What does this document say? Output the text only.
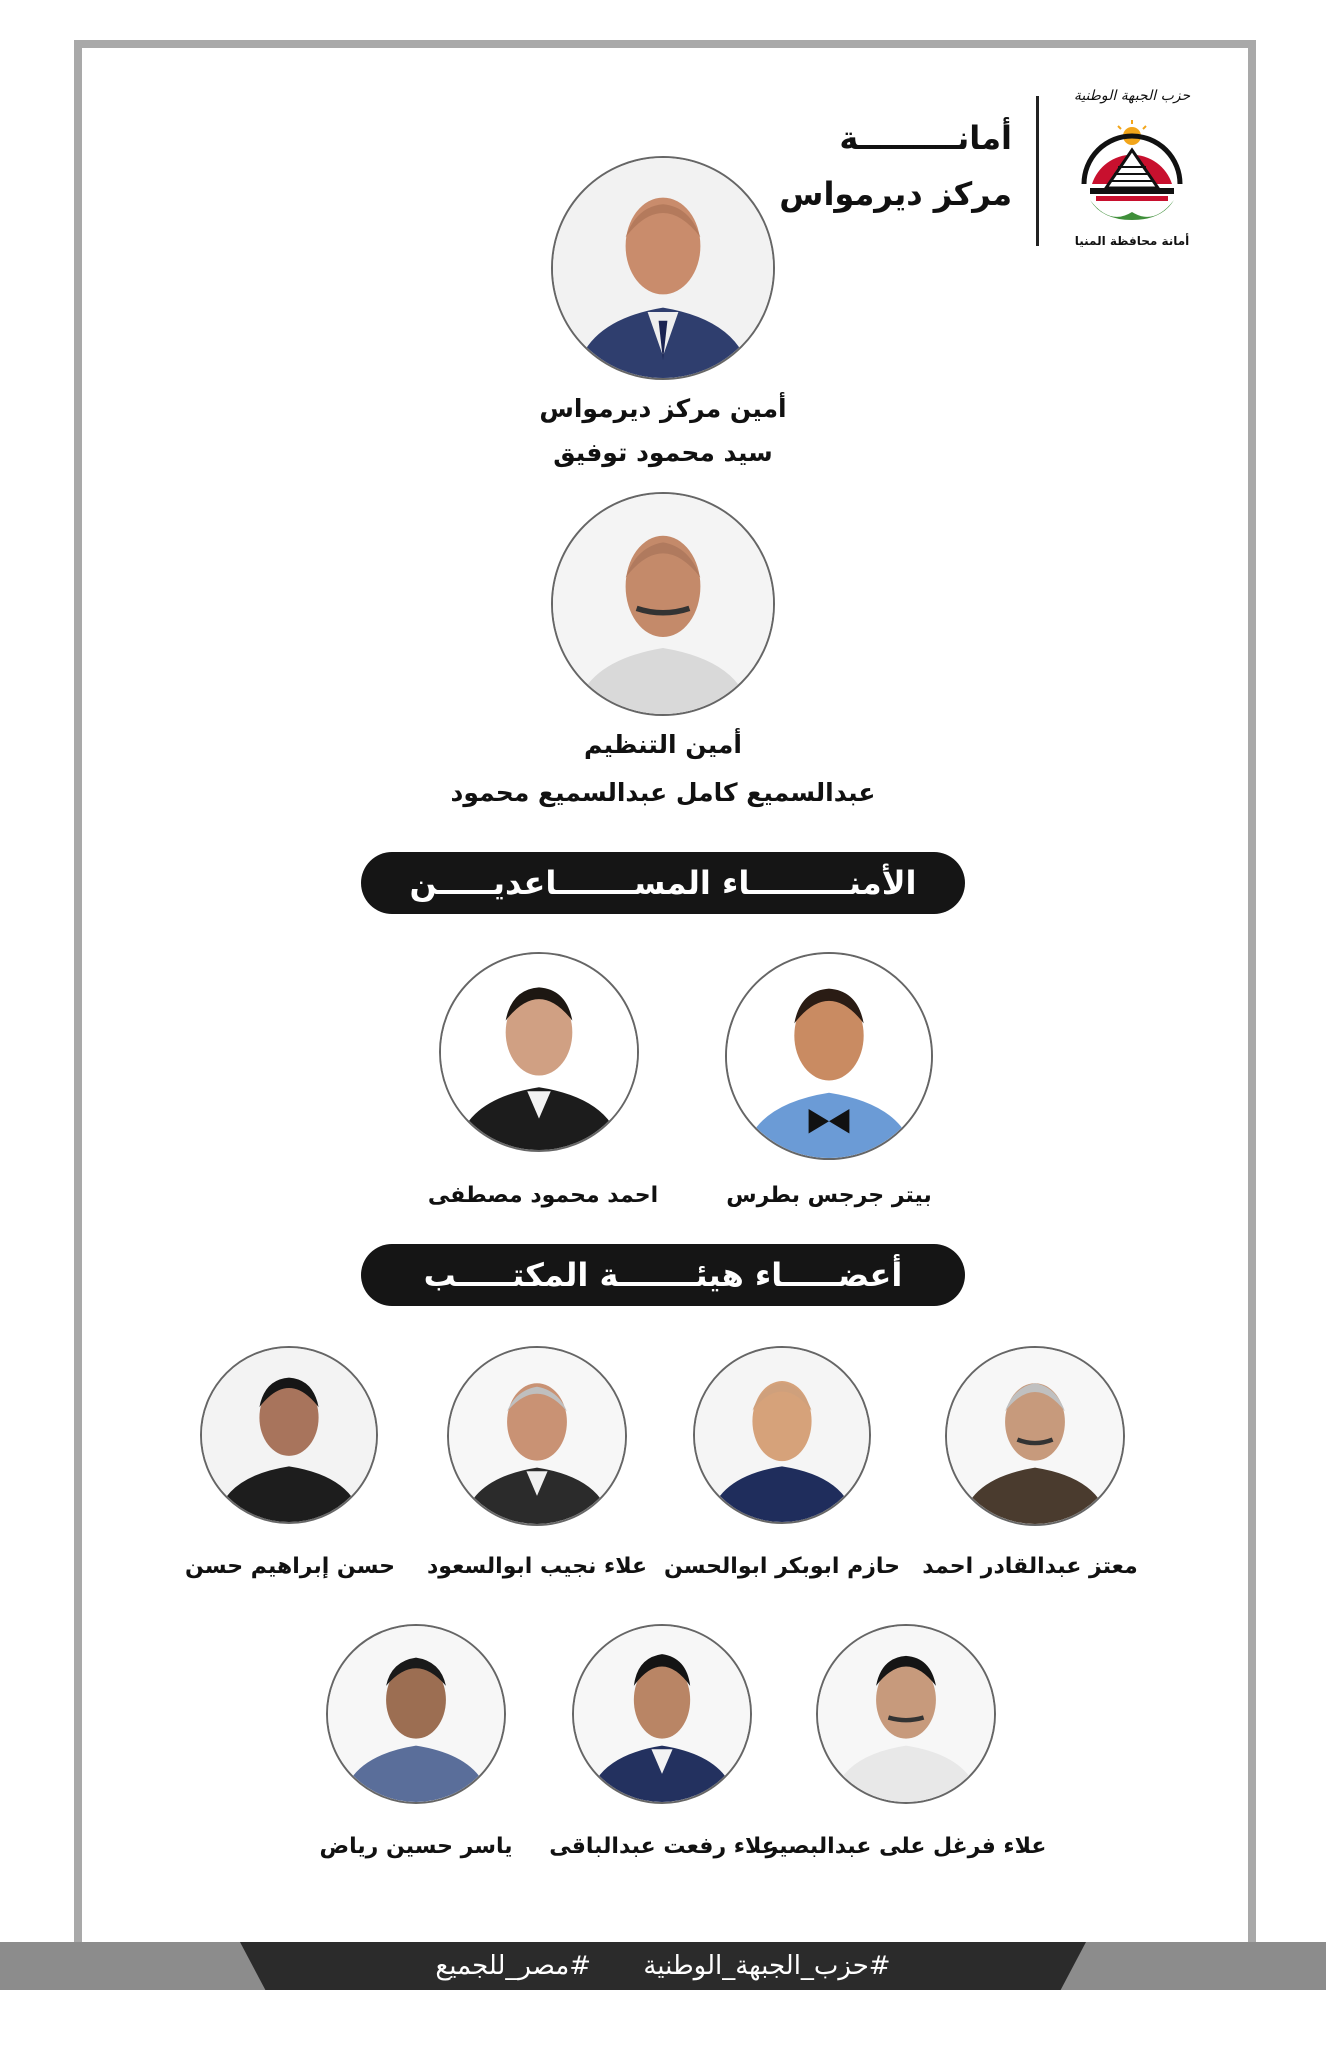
أمانـــــــــة
مركز ديرمواس
حزب الجبهة الوطنية
أمانة محافظة المنيا
أمين مركز ديرمواس
سيد محمود توفيق
أمين التنظيم
عبدالسميع كامل عبدالسميع محمود
الأمنـــــــــاء المســـــــاعديـــــن
بيتر جرجس بطرس
احمد محمود مصطفى
أعضـــــاء هيئـــــــة المكتـــــب
معتز عبدالقادر احمد
حازم ابوبكر ابوالحسن
علاء نجيب ابوالسعود
حسن إبراهيم حسن
علاء فرغل على عبدالبصير
علاء رفعت عبدالباقى
ياسر حسين رياض
#حزب_الجبهة_الوطنية #مصر_للجميع
